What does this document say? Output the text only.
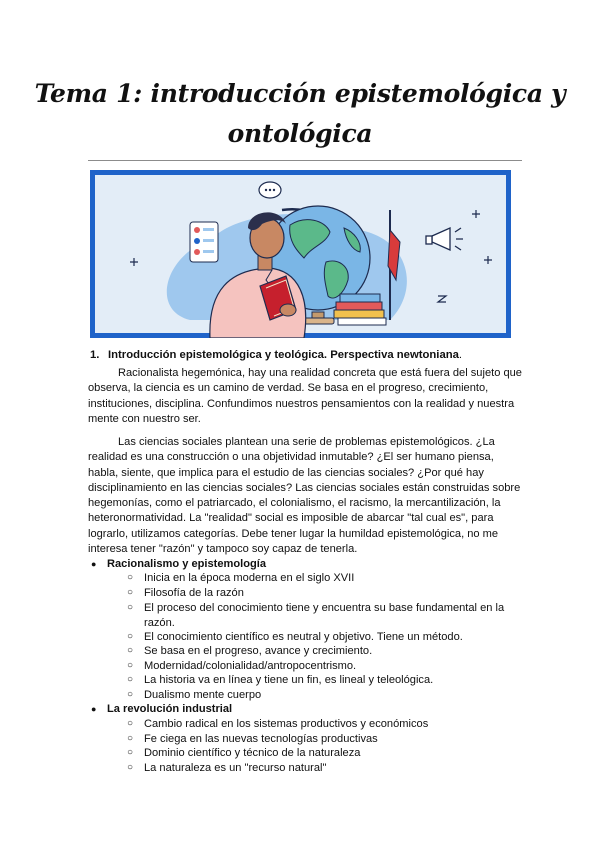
Tema 1: introducción epistemológica y ontológica
1. Introducción epistemológica y teológica. Perspectiva newtoniana.

Racionalista hegemónica, hay una realidad concreta que está fuera del sujeto que observa, la ciencia es un camino de verdad. Se basa en el progreso, crecimiento, instituciones, disciplina. Confundimos nuestros pensamientos con la realidad y nuestra mente con nuestro ser.

Las ciencias sociales plantean una serie de problemas epistemológicos. ¿La realidad es una construcción o una objetividad inmutable? ¿El ser humano piensa, habla, siente, que implica para el estudio de las ciencias sociales? ¿Por qué hay disciplinamiento en las ciencias sociales? Las ciencias sociales están construidas sobre hegemonías, como el patriarcado, el colonialismo, el racismo, la mercantilización, la heteronormatividad. La "realidad" social es imposible de abarcar "tal cual es", para lograrlo, utilizamos categorías. Debe tener lugar la humildad epistemológica, no me interesa tener "razón" y tampoco soy capaz de tenerla.

● Racionalismo y epistemología
○ Inicia en la época moderna en el siglo XVII
○ Filosofía de la razón
○ El proceso del conocimiento tiene y encuentra su base fundamental en la razón.
○ El conocimiento científico es neutral y objetivo. Tiene un método.
○ Se basa en el progreso, avance y crecimiento.
○ Modernidad/colonialidad/antropocentrismo.
○ La historia va en línea y tiene un fin, es lineal y teleológica.
○ Dualismo mente cuerpo
● La revolución industrial
○ Cambio radical en los sistemas productivos y económicos
○ Fe ciega en las nuevas tecnologías productivas
○ Dominio científico y técnico de la naturaleza
○ La naturaleza es un "recurso natural"
